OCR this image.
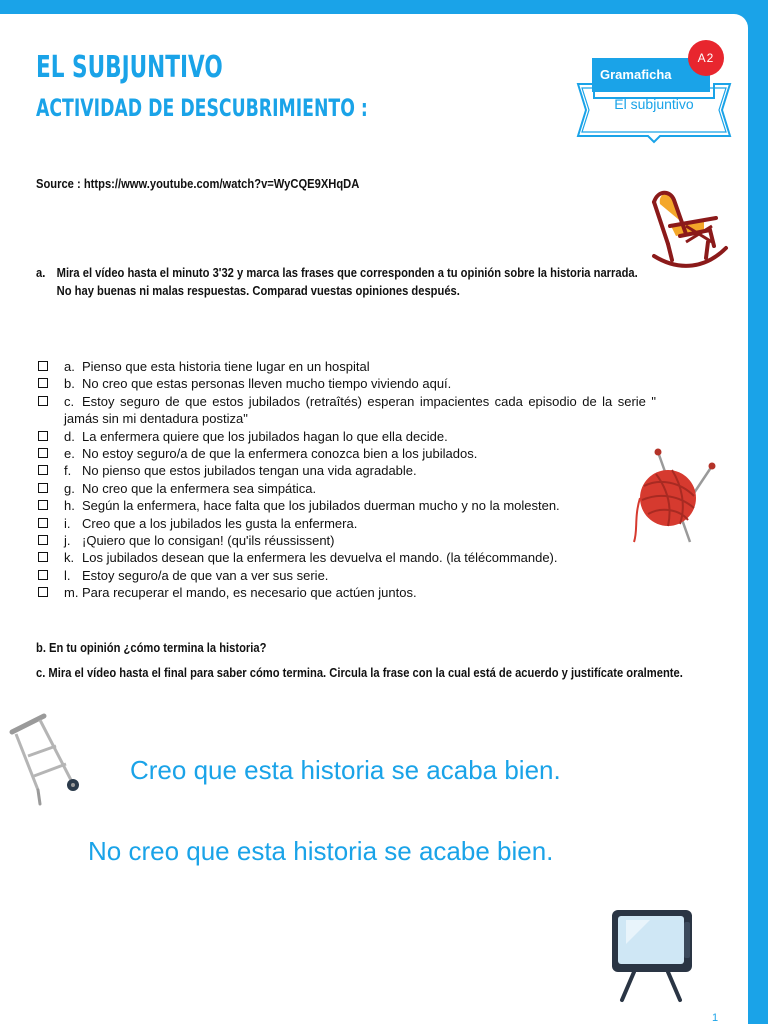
EL SUBJUNTIVO
ACTIVIDAD DE DESCUBRIMIENTO :
Gramaficha
A2
El subjuntivo
Source : https://www.youtube.com/watch?v=WyCQE9XHqDA
a. Mira el vídeo hasta el minuto 3'32 y marca las frases que corresponden a tu opinión sobre la historia narrada. No hay buenas ni malas respuestas. Comparad vuestas opiniones después.
a. Pienso que esta historia tiene lugar en un hospital
b. No creo que estas personas lleven mucho tiempo viviendo aquí.
c. Estoy seguro de que estos jubilados (retraîtés) esperan impacientes cada episodio de la serie " jamás sin mi dentadura postiza"
d. La enfermera quiere que los jubilados hagan lo que ella decide.
e. No estoy seguro/a de que la enfermera conozca bien a los jubilados.
f. No pienso que estos jubilados tengan una vida agradable.
g. No creo que la enfermera sea simpática.
h. Según la enfermera, hace falta que los jubilados duerman mucho y no la molesten.
i. Creo que a los jubilados les gusta la enfermera.
j. ¡Quiero que lo consigan! (qu'ils réussissent)
k. Los jubilados desean que la enfermera les devuelva el mando. (la télécommande).
l. Estoy seguro/a de que van a ver sus serie.
m. Para recuperar el mando, es necesario que actúen juntos.
b. En tu opinión ¿cómo termina la historia?
c. Mira el vídeo hasta el final para saber cómo termina. Circula la frase con la cual está de acuerdo y justifícate oralmente.
Creo que esta historia se acaba bien.
No creo que esta historia se acabe bien.
1
